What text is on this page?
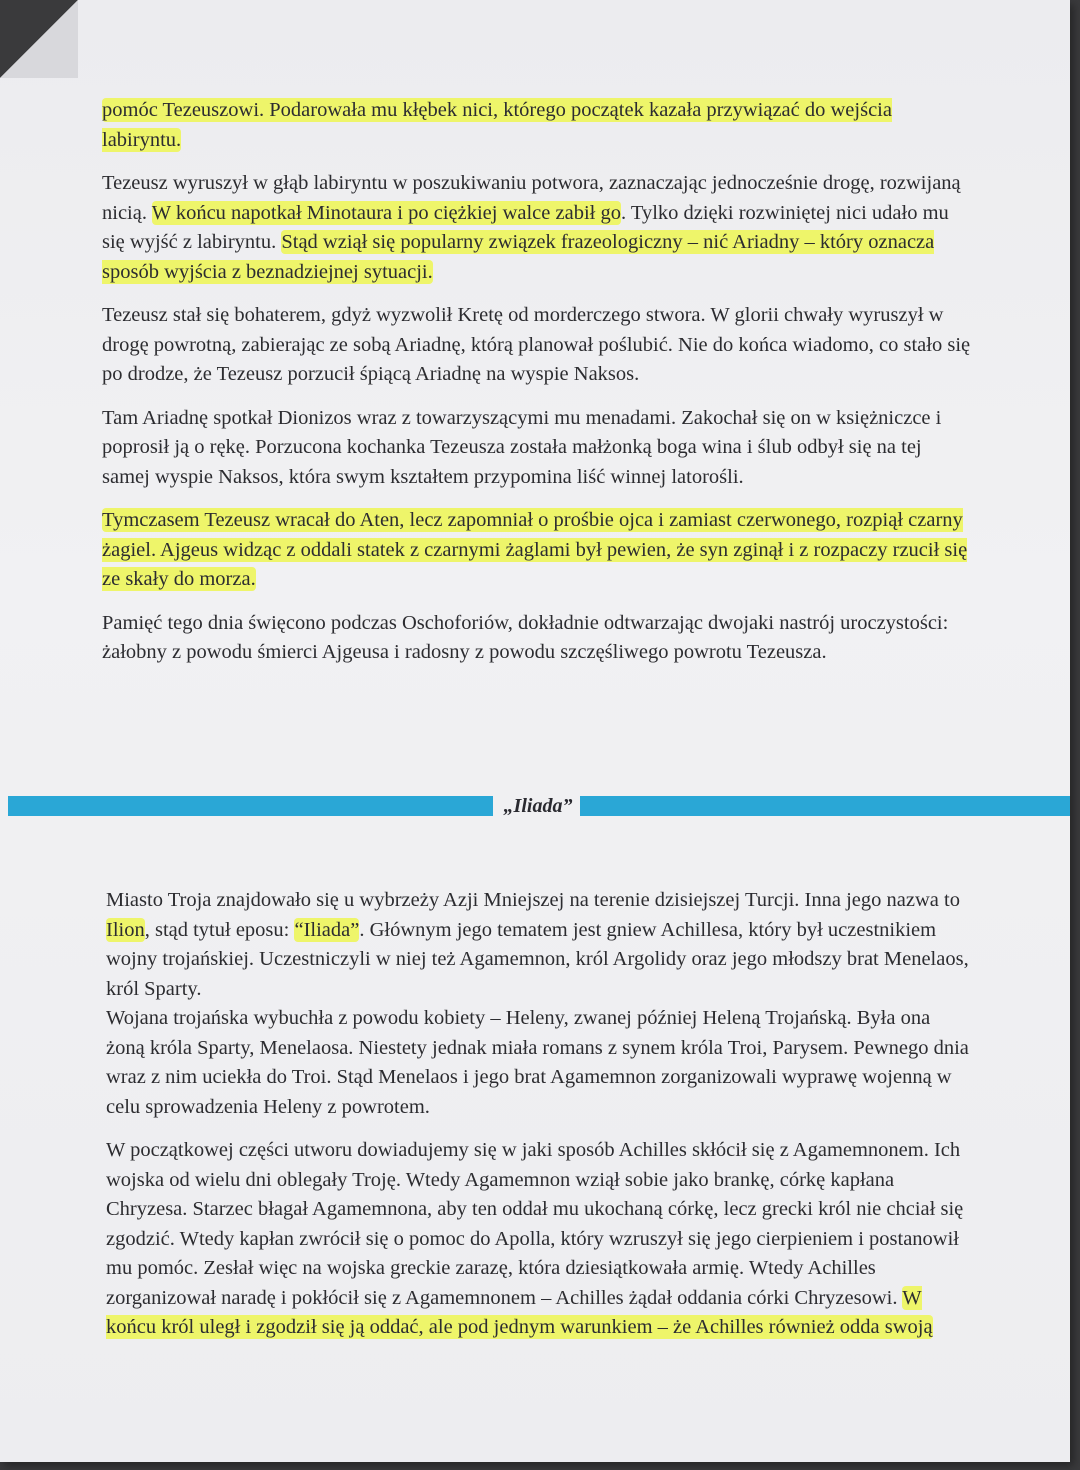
pomóc Tezeuszowi. Podarowała mu kłębek nici, którego początek kazała przywiązać do wejścia labiryntu.

Tezeusz wyruszył w głąb labiryntu w poszukiwaniu potwora, zaznaczając jednocześnie drogę, rozwijaną nicią. W końcu napotkał Minotaura i po ciężkiej walce zabił go. Tylko dzięki rozwiniętej nici udało mu się wyjść z labiryntu. Stąd wziął się popularny związek frazeologiczny – nić Ariadny – który oznacza sposób wyjścia z beznadziejnej sytuacji.

Tezeusz stał się bohaterem, gdyż wyzwolił Kretę od morderczego stwora. W glorii chwały wyruszył w drogę powrotną, zabierając ze sobą Ariadnę, którą planował poślubić. Nie do końca wiadomo, co stało się po drodze, że Tezeusz porzucił śpiącą Ariadnę na wyspie Naksos.

Tam Ariadnę spotkał Dionizos wraz z towarzyszącymi mu menadami. Zakochał się on w księżniczce i poprosił ją o rękę. Porzucona kochanka Tezeusza została małżonką boga wina i ślub odbył się na tej samej wyspie Naksos, która swym kształtem przypomina liść winnej latorośli.

Tymczasem Tezeusz wracał do Aten, lecz zapomniał o prośbie ojca i zamiast czerwonego, rozpiął czarny żagiel. Ajgeus widząc z oddali statek z czarnymi żaglami był pewien, że syn zginął i z rozpaczy rzucił się ze skały do morza.

Pamięć tego dnia święcono podczas Oschoforiów, dokładnie odtwarzając dwojaki nastrój uroczystości: żałobny z powodu śmierci Ajgeusa i radosny z powodu szczęśliwego powrotu Tezeusza.

„Iliada”

Miasto Troja znajdowało się u wybrzeży Azji Mniejszej na terenie dzisiejszej Turcji. Inna jego nazwa to Ilion, stąd tytuł eposu: “Iliada”. Głównym jego tematem jest gniew Achillesa, który był uczestnikiem wojny trojańskiej. Uczestniczyli w niej też Agamemnon, król Argolidy oraz jego młodszy brat Menelaos, król Sparty.

Wojana trojańska wybuchła z powodu kobiety – Heleny, zwanej później Heleną Trojańską. Była ona żoną króla Sparty, Menelaosa. Niestety jednak miała romans z synem króla Troi, Parysem. Pewnego dnia wraz z nim uciekła do Troi. Stąd Menelaos i jego brat Agamemnon zorganizowali wyprawę wojenną w celu sprowadzenia Heleny z powrotem.

W początkowej części utworu dowiadujemy się w jaki sposób Achilles skłócił się z Agamemnonem. Ich wojska od wielu dni oblegały Troję. Wtedy Agamemnon wziął sobie jako brankę, córkę kapłana Chryzesa. Starzec błagał Agamemnona, aby ten oddał mu ukochaną córkę, lecz grecki król nie chciał się zgodzić. Wtedy kapłan zwrócił się o pomoc do Apolla, który wzruszył się jego cierpieniem i postanowił mu pomóc. Zesłał więc na wojska greckie zarazę, która dziesiątkowała armię. Wtedy Achilles zorganizował naradę i pokłócił się z Agamemnonem – Achilles żądał oddania córki Chryzesowi. W końcu król uległ i zgodził się ją oddać, ale pod jednym warunkiem – że Achilles również odda swoją
